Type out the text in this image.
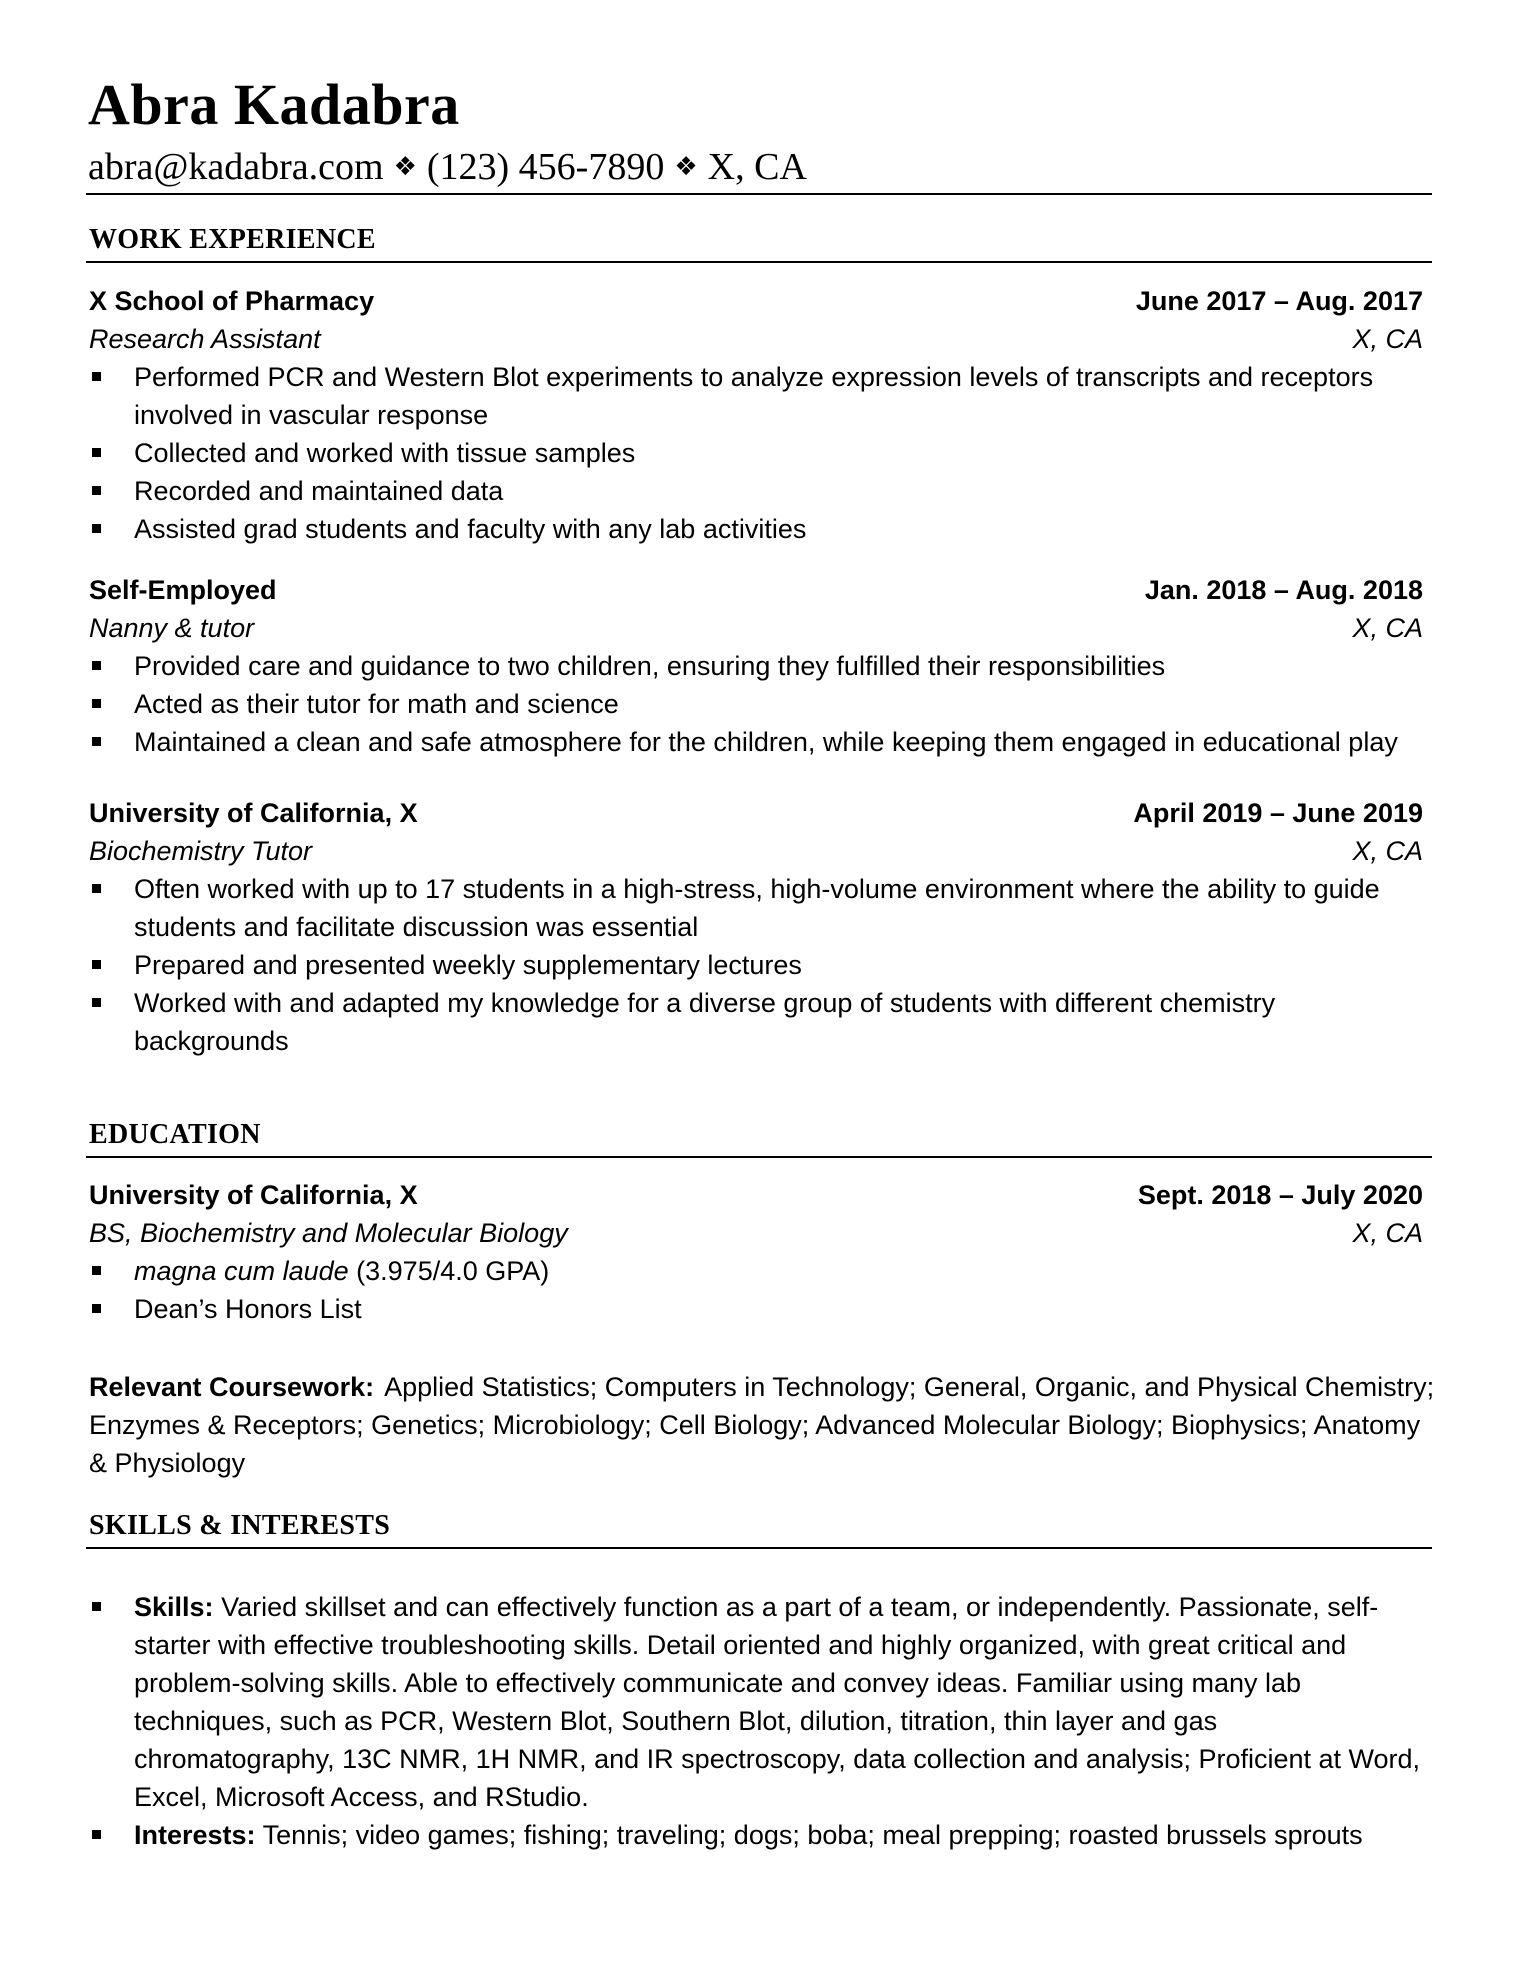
Abra Kadabra
abra@kadabra.com ❖ (123) 456-7890 ❖ X, CA
WORK EXPERIENCE
X School of Pharmacy	June 2017 – Aug. 2017
Research Assistant	X, CA
Performed PCR and Western Blot experiments to analyze expression levels of transcripts and receptors involved in vascular response
Collected and worked with tissue samples
Recorded and maintained data
Assisted grad students and faculty with any lab activities
Self-Employed	Jan. 2018 – Aug. 2018
Nanny & tutor	X, CA
Provided care and guidance to two children, ensuring they fulfilled their responsibilities
Acted as their tutor for math and science
Maintained a clean and safe atmosphere for the children, while keeping them engaged in educational play
University of California, X	April 2019 – June 2019
Biochemistry Tutor	X, CA
Often worked with up to 17 students in a high-stress, high-volume environment where the ability to guide students and facilitate discussion was essential
Prepared and presented weekly supplementary lectures
Worked with and adapted my knowledge for a diverse group of students with different chemistry backgrounds
EDUCATION
University of California, X	Sept. 2018 – July 2020
BS, Biochemistry and Molecular Biology	X, CA
magna cum laude (3.975/4.0 GPA)
Dean’s Honors List
Relevant Coursework: Applied Statistics; Computers in Technology; General, Organic, and Physical Chemistry; Enzymes & Receptors; Genetics; Microbiology; Cell Biology; Advanced Molecular Biology; Biophysics; Anatomy & Physiology
SKILLS & INTERESTS
Skills: Varied skillset and can effectively function as a part of a team, or independently. Passionate, self-starter with effective troubleshooting skills. Detail oriented and highly organized, with great critical and problem-solving skills. Able to effectively communicate and convey ideas. Familiar using many lab techniques, such as PCR, Western Blot, Southern Blot, dilution, titration, thin layer and gas chromatography, 13C NMR, 1H NMR, and IR spectroscopy, data collection and analysis; Proficient at Word, Excel, Microsoft Access, and RStudio.
Interests: Tennis; video games; fishing; traveling; dogs; boba; meal prepping; roasted brussels sprouts
